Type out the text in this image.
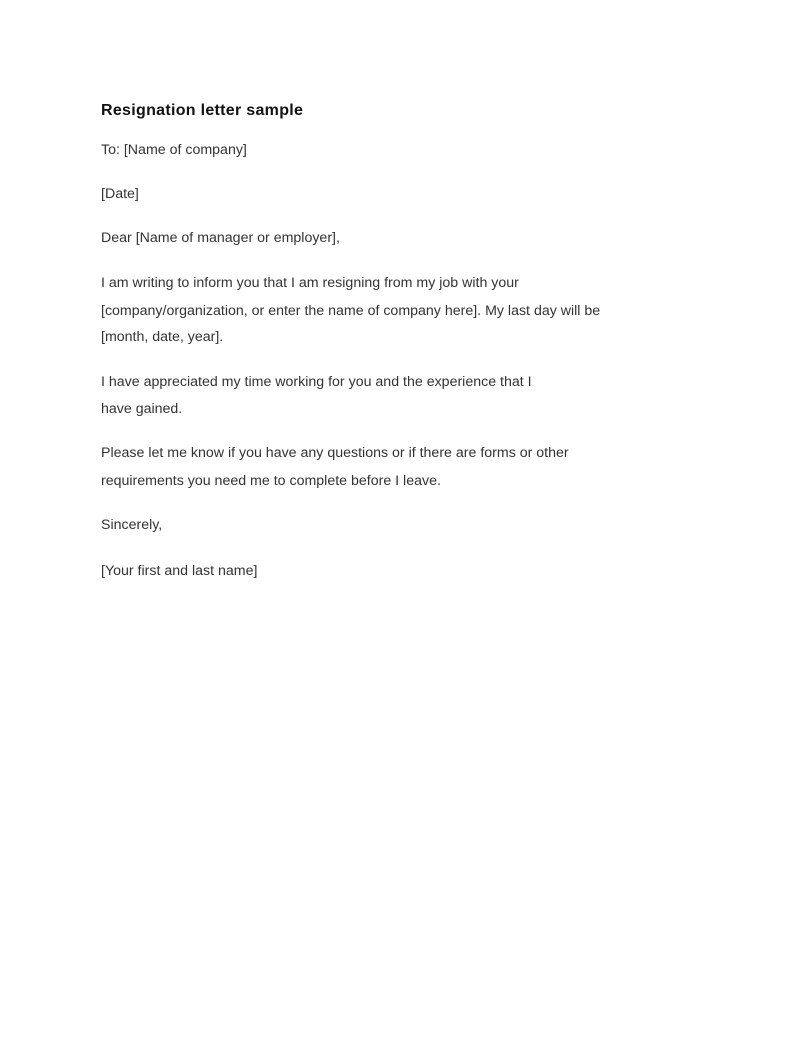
Resignation letter sample
To: [Name of company]
[Date]
Dear [Name of manager or employer],
I am writing to inform you that I am resigning from my job with your
[company/organization, or enter the name of company here]. My last day will be
[month, date, year].
I have appreciated my time working for you and the experience that I
have gained.
Please let me know if you have any questions or if there are forms or other
requirements you need me to complete before I leave.
Sincerely,
[Your first and last name]
